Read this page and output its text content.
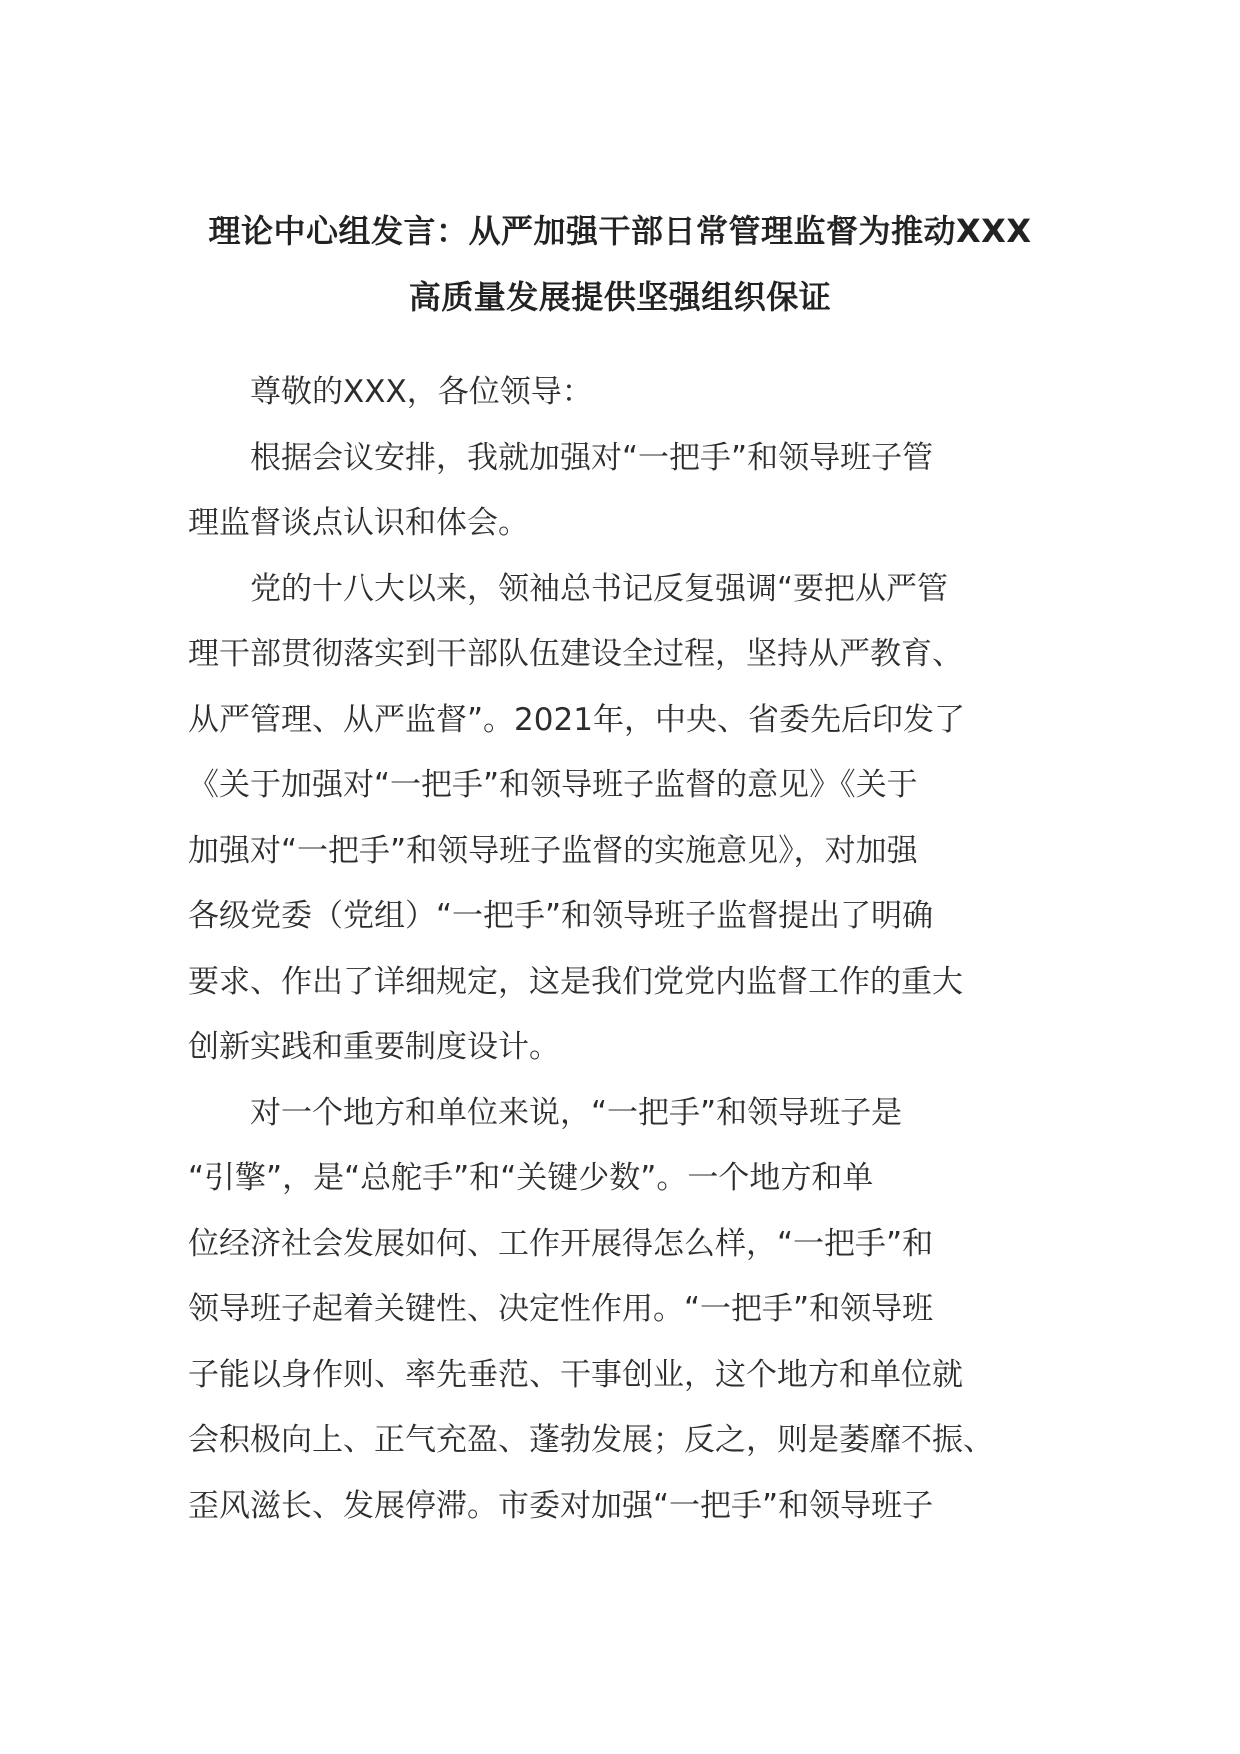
理论中心组发言：从严加强干部日常管理监督为推动XXX
高质量发展提供坚强组织保证
　　尊敬的XXX，各位领导：
　　根据会议安排，我就加强对“一把手”和领导班子管
理监督谈点认识和体会。
　　党的十八大以来，领袖总书记反复强调“要把从严管
理干部贯彻落实到干部队伍建设全过程，坚持从严教育、
从严管理、从严监督”。2021年，中央、省委先后印发了
《关于加强对“一把手”和领导班子监督的意见》《关于
加强对“一把手”和领导班子监督的实施意见》，对加强
各级党委（党组）“一把手”和领导班子监督提出了明确
要求、作出了详细规定，这是我们党党内监督工作的重大
创新实践和重要制度设计。
　　对一个地方和单位来说，“一把手”和领导班子是
“引擎”，是“总舵手”和“关键少数”。一个地方和单
位经济社会发展如何、工作开展得怎么样，“一把手”和
领导班子起着关键性、决定性作用。“一把手”和领导班
子能以身作则、率先垂范、干事创业，这个地方和单位就
会积极向上、正气充盈、蓬勃发展；反之，则是萎靡不振、
歪风滋长、发展停滞。市委对加强“一把手”和领导班子
